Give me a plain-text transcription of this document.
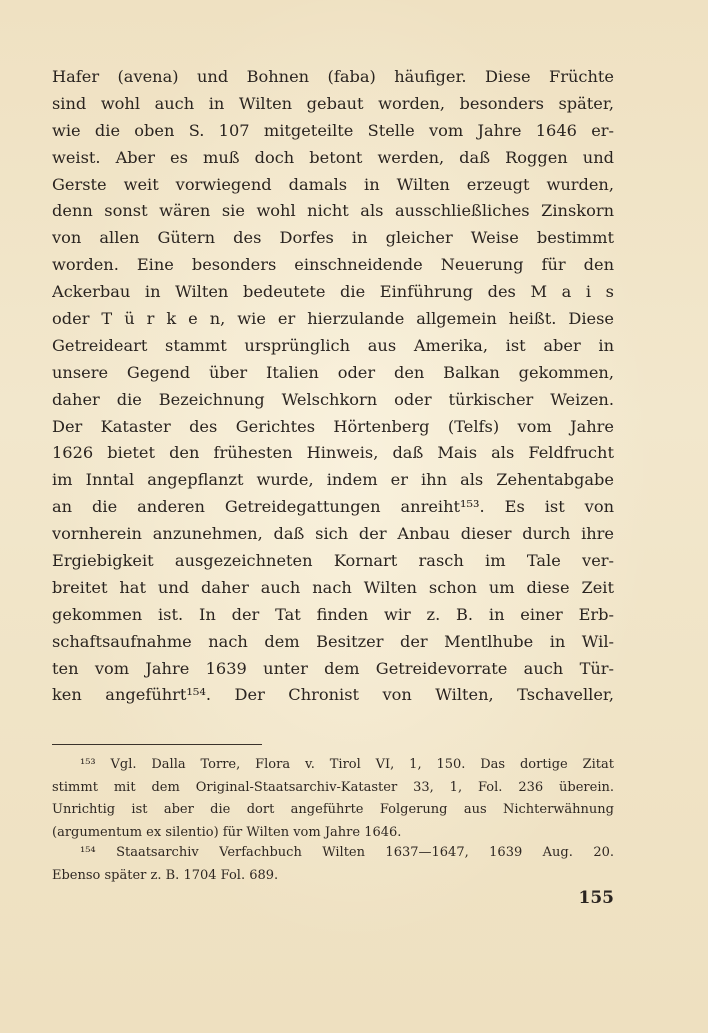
Hafer (avena) und Bohnen (faba) häufiger. Diese Früchte
sind wohl auch in Wilten gebaut worden, besonders später,
wie die oben S. 107 mitgeteilte Stelle vom Jahre 1646 er-
weist. Aber es muß doch betont werden, daß Roggen und
Gerste weit vorwiegend damals in Wilten erzeugt wurden,
denn sonst wären sie wohl nicht als ausschließliches Zinskorn
von allen Gütern des Dorfes in gleicher Weise bestimmt
worden. Eine besonders einschneidende Neuerung für den
Ackerbau in Wilten bedeutete die Einführung des M a i s
oder T ü r k e n, wie er hierzulande allgemein heißt. Diese
Getreideart stammt ursprünglich aus Amerika, ist aber in
unsere Gegend über Italien oder den Balkan gekommen,
daher die Bezeichnung Welschkorn oder türkischer Weizen.
Der Kataster des Gerichtes Hörtenberg (Telfs) vom Jahre
1626 bietet den frühesten Hinweis, daß Mais als Feldfrucht
im Inntal angepflanzt wurde, indem er ihn als Zehentabgabe
an die anderen Getreidegattungen anreiht¹⁵³. Es ist von
vornherein anzunehmen, daß sich der Anbau dieser durch ihre
Ergiebigkeit ausgezeichneten Kornart rasch im Tale ver-
breitet hat und daher auch nach Wilten schon um diese Zeit
gekommen ist. In der Tat finden wir z. B. in einer Erb-
schaftsaufnahme nach dem Besitzer der Mentlhube in Wil-
ten vom Jahre 1639 unter dem Getreidevorrate auch Tür-
ken angeführt¹⁵⁴. Der Chronist von Wilten, Tschaveller,
¹⁵³ Vgl. Dalla Torre, Flora v. Tirol VI, 1, 150. Das dortige Zitat
stimmt mit dem Original-Staatsarchiv-Kataster 33, 1, Fol. 236 überein.
Unrichtig ist aber die dort angeführte Folgerung aus Nichterwähnung
(argumentum ex silentio) für Wilten vom Jahre 1646.
¹⁵⁴ Staatsarchiv Verfachbuch Wilten 1637—1647, 1639 Aug. 20.
Ebenso später z. B. 1704 Fol. 689.
155
